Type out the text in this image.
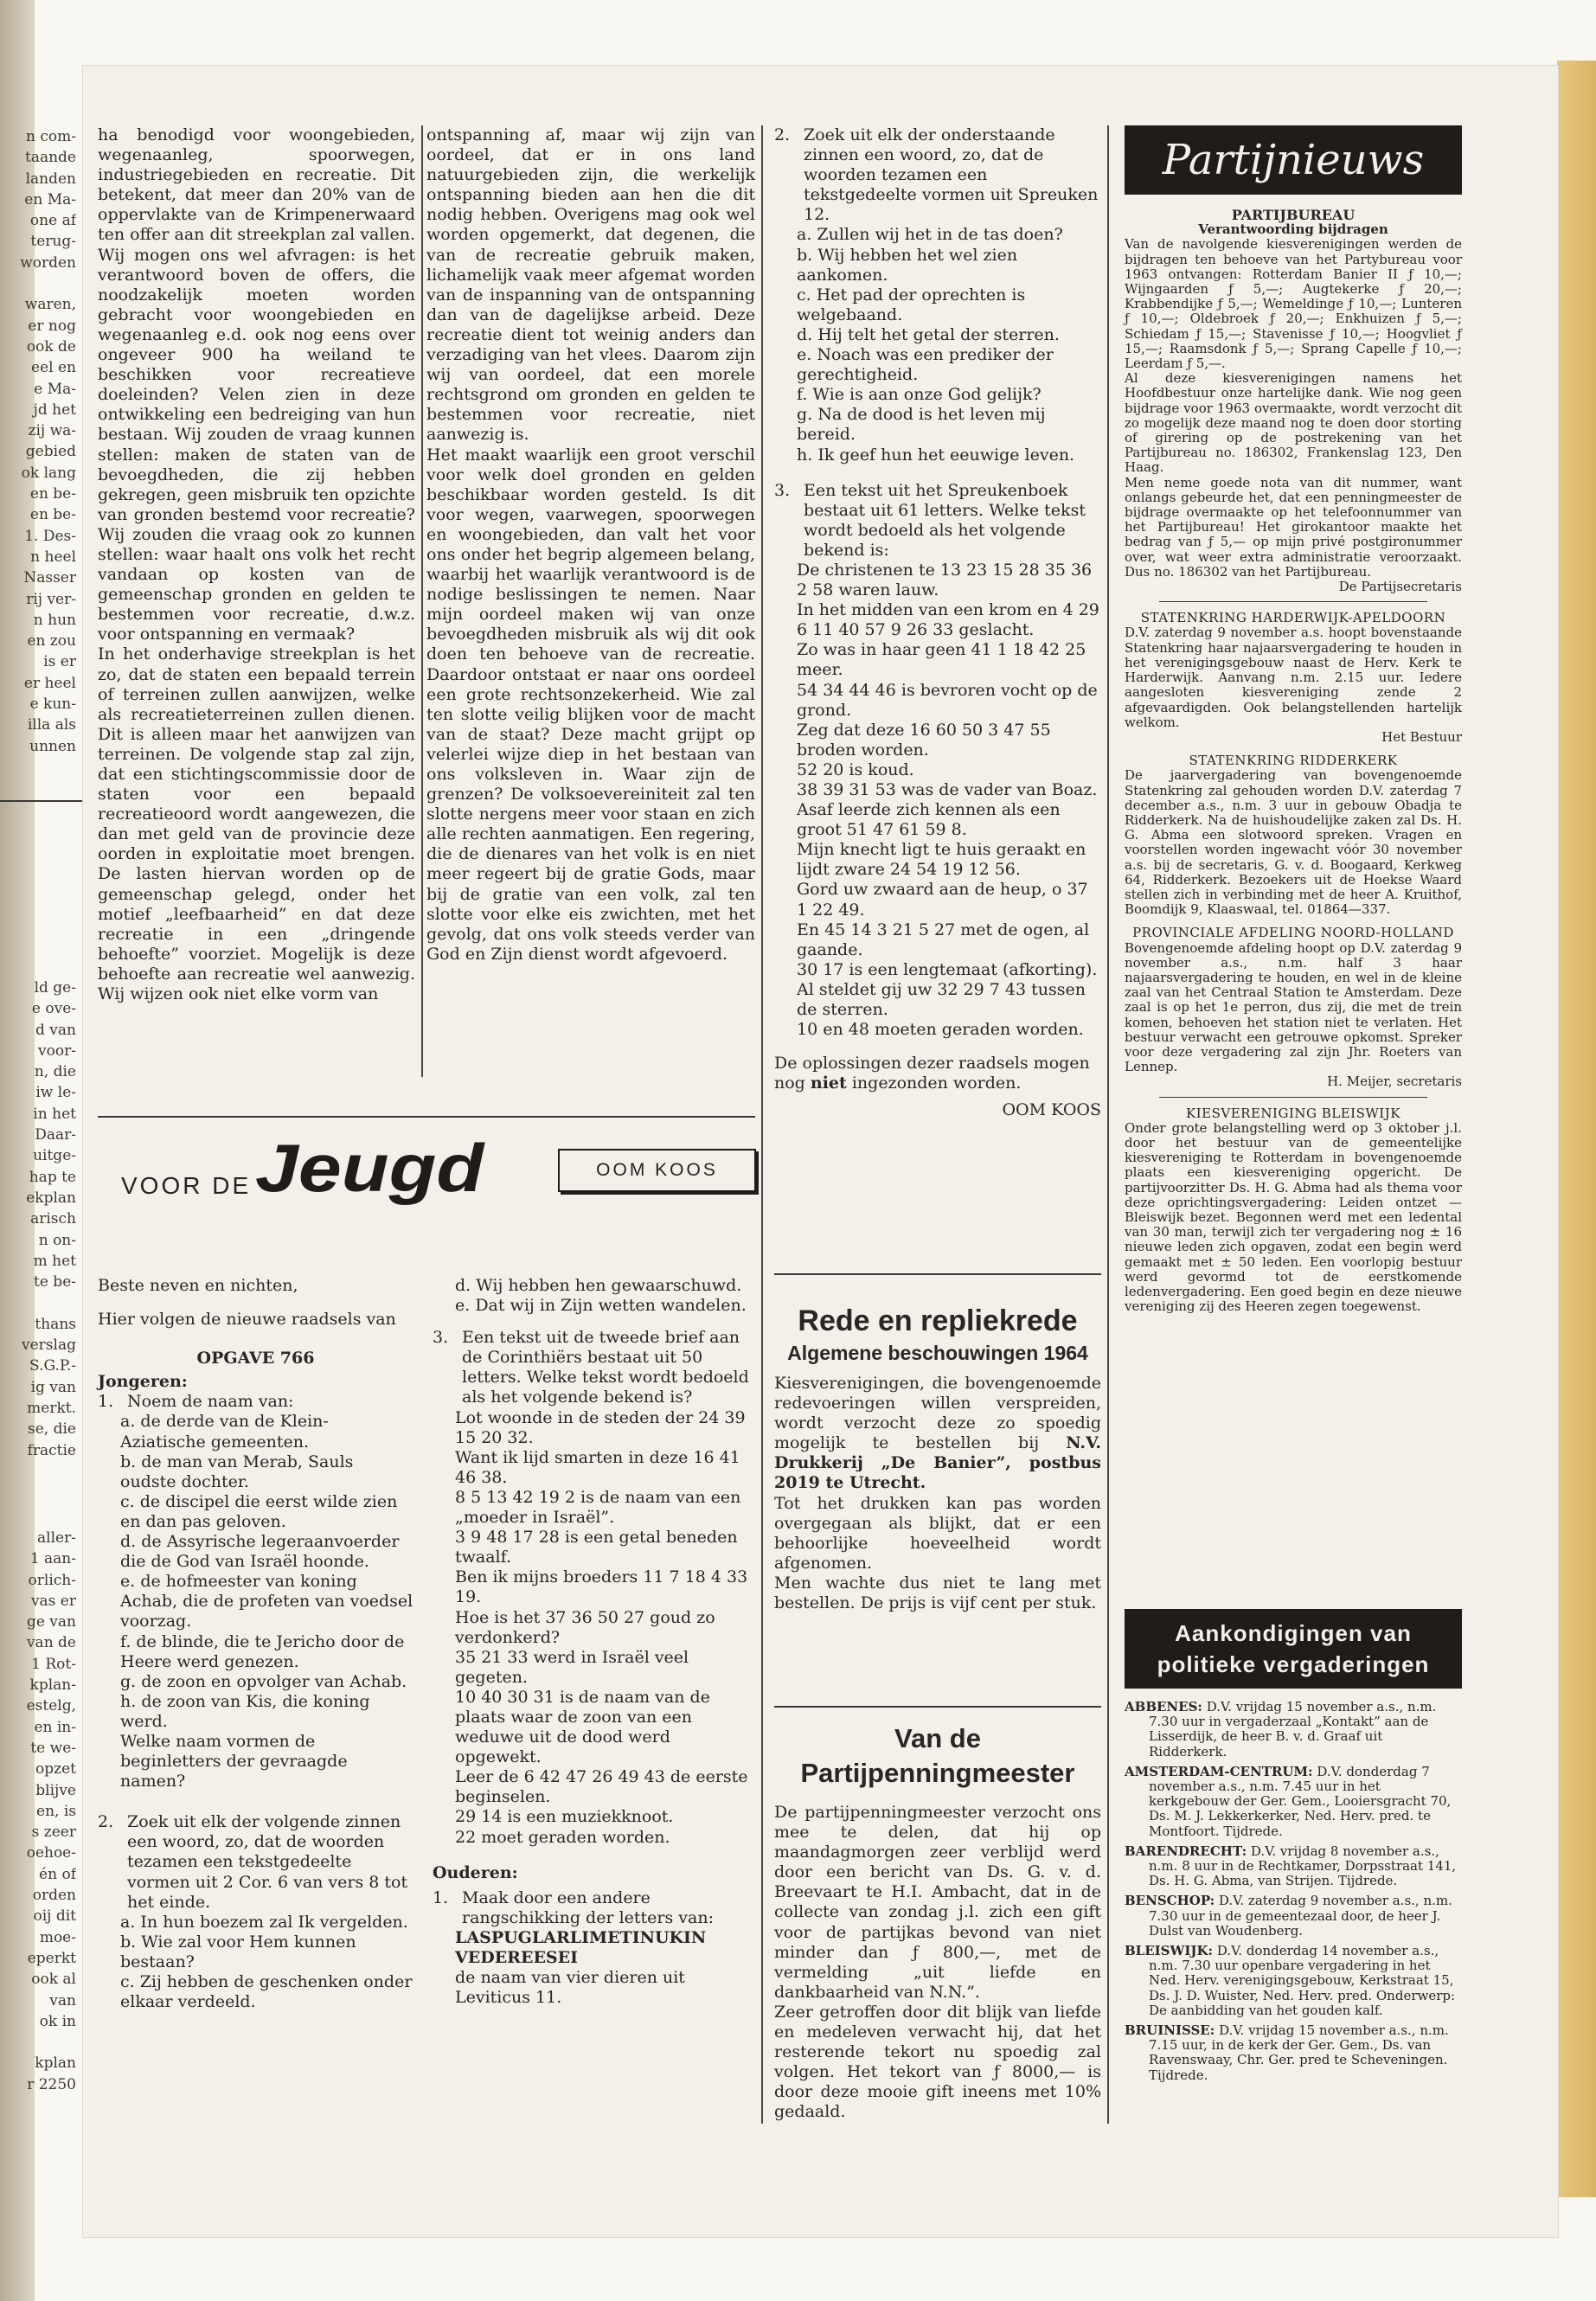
n com-
taande
landen
en Ma-
one af
terug-
worden
waren,
er nog
ook de
eel en
e Ma-
jd het
zij wa-
gebied
ok lang
en be-
en be-
1. Des-
n heel
Nasser
rij ver-
n hun
en zou
is er
er heel
e kun-
illa als
unnen
ld ge-
e ove-
d van
voor-
n, die
iw le-
in het
Daar-
uitge-
hap te
ekplan
arisch
n on-
m het
te be-
thans
verslag
S.G.P.-
ig van
merkt.
se, die
fractie
aller-
1 aan-
orlich-
vas er
ge van
van de
1 Rot-
kplan-
estelg,
en in-
te we-
opzet
blijve
en, is
s zeer
oehoe-
én of
orden
oij dit
moe-
eperkt
ook al
van
ok in
kplan
r 2250

ha benodigd voor woongebieden, wegenaanleg, spoorwegen, industriegebieden en recreatie. Dit betekent, dat meer dan 20% van de oppervlakte van de Krimpenerwaard ten offer aan dit streekplan zal vallen. Wij mogen ons wel afvragen: is het verantwoord boven de offers, die noodzakelijk moeten worden gebracht voor woongebieden en wegenaanleg e.d. ook nog eens over ongeveer 900 ha weiland te beschikken voor recreatieve doeleinden? Velen zien in deze ontwikkeling een bedreiging van hun bestaan. Wij zouden de vraag kunnen stellen: maken de staten van de bevoegdheden, die zij hebben gekregen, geen misbruik ten opzichte van gronden bestemd voor recreatie? Wij zouden die vraag ook zo kunnen stellen: waar haalt ons volk het recht vandaan op kosten van de gemeenschap gronden en gelden te bestemmen voor recreatie, d.w.z. voor ontspanning en vermaak?

In het onderhavige streekplan is het zo, dat de staten een bepaald terrein of terreinen zullen aanwijzen, welke als recreatieterreinen zullen dienen. Dit is alleen maar het aanwijzen van terreinen. De volgende stap zal zijn, dat een stichtingscommissie door de staten voor een bepaald recreatieoord wordt aangewezen, die dan met geld van de provincie deze oorden in exploitatie moet brengen. De lasten hiervan worden op de gemeenschap gelegd, onder het motief „leefbaarheid” en dat deze recreatie in een „dringende behoefte” voorziet. Mogelijk is deze behoefte aan recreatie wel aanwezig. Wij wijzen ook niet elke vorm van

ontspanning af, maar wij zijn van oordeel, dat er in ons land natuurgebieden zijn, die werkelijk ontspanning bieden aan hen die dit nodig hebben. Overigens mag ook wel worden opgemerkt, dat degenen, die van de recreatie gebruik maken, lichamelijk vaak meer afgemat worden van de inspanning van de ontspanning dan van de dagelijkse arbeid. Deze recreatie dient tot weinig anders dan verzadiging van het vlees. Daarom zijn wij van oordeel, dat een morele rechtsgrond om gronden en gelden te bestemmen voor recreatie, niet aanwezig is.

Het maakt waarlijk een groot verschil voor welk doel gronden en gelden beschikbaar worden gesteld. Is dit voor wegen, vaarwegen, spoorwegen en woongebieden, dan valt het voor ons onder het begrip algemeen belang, waarbij het waarlijk verantwoord is de nodige beslissingen te nemen. Naar mijn oordeel maken wij van onze bevoegdheden misbruik als wij dit ook doen ten behoeve van de recreatie. Daardoor ontstaat er naar ons oordeel een grote rechtsonzekerheid. Wie zal ten slotte veilig blijken voor de macht van de staat? Deze macht grijpt op velerlei wijze diep in het bestaan van ons volksleven in. Waar zijn de grenzen? De volksoevereiniteit zal ten slotte nergens meer voor staan en zich alle rechten aanmatigen. Een regering, die de dienares van het volk is en niet meer regeert bij de gratie Gods, maar bij de gratie van een volk, zal ten slotte voor elke eis zwichten, met het gevolg, dat ons volk steeds verder van God en Zijn dienst wordt afgevoerd.

VOOR DE Jeugd	OOM KOOS

Beste neven en nichten,

Hier volgen de nieuwe raadsels van

OPGAVE 766

Jongeren:

1. Noem de naam van:
a. de derde van de Klein-Aziatische gemeenten.
b. de man van Merab, Sauls oudste dochter.
c. de discipel die eerst wilde zien en dan pas geloven.
d. de Assyrische legeraanvoerder die de God van Israël hoonde.
e. de hofmeester van koning Achab, die de profeten van voedsel voorzag.
f. de blinde, die te Jericho door de Heere werd genezen.
g. de zoon en opvolger van Achab.
h. de zoon van Kis, die koning werd.
Welke naam vormen de beginletters der gevraagde namen?
2. Zoek uit elk der volgende zinnen een woord, zo, dat de woorden tezamen een tekstgedeelte vormen uit 2 Cor. 6 van vers 8 tot het einde.
a. In hun boezem zal Ik vergelden.
b. Wie zal voor Hem kunnen bestaan?
c. Zij hebben de geschenken onder elkaar verdeeld.
d. Wij hebben hen gewaarschuwd.
e. Dat wij in Zijn wetten wandelen.
3. Een tekst uit de tweede brief aan de Corinthiërs bestaat uit 50 letters. Welke tekst wordt bedoeld als het volgende bekend is?
Lot woonde in de steden der 24 39 15 20 32.
Want ik lijd smarten in deze 16 41 46 38.
8 5 13 42 19 2 is de naam van een „moeder in Israël”.
3 9 48 17 28 is een getal beneden twaalf.
Ben ik mijns broeders 11 7 18 4 33 19.
Hoe is het 37 36 50 27 goud zo verdonkerd?
35 21 33 werd in Israël veel gegeten.
10 40 30 31 is de naam van de plaats waar de zoon van een weduwe uit de dood werd opgewekt.
Leer de 6 42 47 26 49 43 de eerste beginselen.
29 14 is een muziekknoot.
22 moet geraden worden.

Ouderen:

1. Maak door een andere rangschikking der letters van:
LASPUGLARLIMETINUKIN
VEDEREESEI
de naam van vier dieren uit Leviticus 11.
2. Zoek uit elk der onderstaande zinnen een woord, zo, dat de woorden tezamen een tekstgedeelte vormen uit Spreuken 12.
a. Zullen wij het in de tas doen?
b. Wij hebben het wel zien aankomen.
c. Het pad der oprechten is welgebaand.
d. Hij telt het getal der sterren.
e. Noach was een prediker der gerechtigheid.
f. Wie is aan onze God gelijk?
g. Na de dood is het leven mij bereid.
h. Ik geef hun het eeuwige leven.
3. Een tekst uit het Spreukenboek bestaat uit 61 letters. Welke tekst wordt bedoeld als het volgende bekend is:
De christenen te 13 23 15 28 35 36 2 58 waren lauw.
In het midden van een krom en 4 29 6 11 40 57 9 26 33 geslacht.
Zo was in haar geen 41 1 18 42 25 meer.
54 34 44 46 is bevroren vocht op de grond.
Zeg dat deze 16 60 50 3 47 55 broden worden.
52 20 is koud.
38 39 31 53 was de vader van Boaz.
Asaf leerde zich kennen als een groot 51 47 61 59 8.
Mijn knecht ligt te huis geraakt en lijdt zware 24 54 19 12 56.
Gord uw zwaard aan de heup, o 37 1 22 49.
En 45 14 3 21 5 27 met de ogen, al gaande.
30 17 is een lengtemaat (afkorting).
Al steldet gij uw 32 29 7 43 tussen de sterren.
10 en 48 moeten geraden worden.

De oplossingen dezer raadsels mogen nog niet ingezonden worden.

OOM KOOS

Rede en repliekrede

Algemene beschouwingen 1964

Kiesverenigingen, die bovengenoemde redevoeringen willen verspreiden, wordt verzocht deze zo spoedig mogelijk te bestellen bij N.V. Drukkerij „De Banier”, postbus 2019 te Utrecht.

Tot het drukken kan pas worden overgegaan als blijkt, dat er een behoorlijke hoeveelheid wordt afgenomen.

Men wachte dus niet te lang met bestellen. De prijs is vijf cent per stuk.

Van de Partijpenningmeester

De partijpenningmeester verzocht ons mee te delen, dat hij op maandagmorgen zeer verblijd werd door een bericht van Ds. G. v. d. Breevaart te H.I. Ambacht, dat in de collecte van zondag j.l. zich een gift voor de partijkas bevond van niet minder dan ƒ 800,—, met de vermelding „uit liefde en dankbaarheid van N.N.”.

Zeer getroffen door dit blijk van liefde en medeleven verwacht hij, dat het resterende tekort nu spoedig zal volgen. Het tekort van ƒ 8000,— is door deze mooie gift ineens met 10% gedaald.

Partijnieuws

PARTIJBUREAU

Verantwoording bijdragen

Van de navolgende kiesverenigingen werden de bijdragen ten behoeve van het Partybureau voor 1963 ontvangen: Rotterdam Banier II ƒ 10,—; Wijngaarden ƒ 5,—; Augtekerke ƒ 20,—; Krabbendijke ƒ 5,—; Wemeldinge ƒ 10,—; Lunteren ƒ 10,—; Oldebroek ƒ 20,—; Enkhuizen ƒ 5,—; Schiedam ƒ 15,—; Stavenisse ƒ 10,—; Hoogvliet ƒ 15,—; Raamsdonk ƒ 5,—; Sprang Capelle ƒ 10,—; Leerdam ƒ 5,—.

Al deze kiesverenigingen namens het Hoofdbestuur onze hartelijke dank. Wie nog geen bijdrage voor 1963 overmaakte, wordt verzocht dit zo mogelijk deze maand nog te doen door storting of girering op de postrekening van het Partijbureau no. 186302, Frankenslag 123, Den Haag.

Men neme goede nota van dit nummer, want onlangs gebeurde het, dat een penningmeester de bijdrage overmaakte op het telefoonnummer van het Partijbureau! Het girokantoor maakte het bedrag van ƒ 5,— op mijn privé postgironummer over, wat weer extra administratie veroorzaakt. Dus no. 186302 van het Partijbureau.

De Partijsecretaris

STATENKRING HARDERWIJK-APELDOORN

D.V. zaterdag 9 november a.s. hoopt bovenstaande Statenkring haar najaarsvergadering te houden in het verenigingsgebouw naast de Herv. Kerk te Harderwijk. Aanvang n.m. 2.15 uur. Iedere aangesloten kiesvereniging zende 2 afgevaardigden. Ook belangstellenden hartelijk welkom.

Het Bestuur

STATENKRING RIDDERKERK

De jaarvergadering van bovengenoemde Statenkring zal gehouden worden D.V. zaterdag 7 december a.s., n.m. 3 uur in gebouw Obadja te Ridderkerk. Na de huishoudelijke zaken zal Ds. H. G. Abma een slotwoord spreken. Vragen en voorstellen worden ingewacht vóór 30 november a.s. bij de secretaris, G. v. d. Boogaard, Kerkweg 64, Ridderkerk. Bezoekers uit de Hoekse Waard stellen zich in verbinding met de heer A. Kruithof, Boomdijk 9, Klaaswaal, tel. 01864—337.

PROVINCIALE AFDELING NOORD-HOLLAND

Bovengenoemde afdeling hoopt op D.V. zaterdag 9 november a.s., n.m. half 3 haar najaarsvergadering te houden, en wel in de kleine zaal van het Centraal Station te Amsterdam. Deze zaal is op het 1e perron, dus zij, die met de trein komen, behoeven het station niet te verlaten. Het bestuur verwacht een getrouwe opkomst. Spreker voor deze vergadering zal zijn Jhr. Roeters van Lennep.

H. Meijer, secretaris

KIESVERENIGING BLEISWIJK

Onder grote belangstelling werd op 3 oktober j.l. door het bestuur van de gemeentelijke kiesvereniging te Rotterdam in bovengenoemde plaats een kiesvereniging opgericht. De partijvoorzitter Ds. H. G. Abma had als thema voor deze oprichtingsvergadering: Leiden ontzet — Bleiswijk bezet. Begonnen werd met een ledental van 30 man, terwijl zich ter vergadering nog ± 16 nieuwe leden zich opgaven, zodat een begin werd gemaakt met ± 50 leden. Een voorlopig bestuur werd gevormd tot de eerstkomende ledenvergadering. Een goed begin en deze nieuwe vereniging zij des Heeren zegen toegewenst.

Aankondigingen van
politieke vergaderingen

ABBENES: D.V. vrijdag 15 november a.s., n.m. 7.30 uur in vergaderzaal „Kontakt” aan de Lisserdijk, de heer B. v. d. Graaf uit Ridderkerk.

AMSTERDAM-CENTRUM: D.V. donderdag 7 november a.s., n.m. 7.45 uur in het kerkgebouw der Ger. Gem., Looiersgracht 70, Ds. M. J. Lekkerkerker, Ned. Herv. pred. te Montfoort. Tijdrede.

BARENDRECHT: D.V. vrijdag 8 november a.s., n.m. 8 uur in de Rechtkamer, Dorpsstraat 141, Ds. H. G. Abma, van Strijen. Tijdrede.

BENSCHOP: D.V. zaterdag 9 november a.s., n.m. 7.30 uur in de gemeentezaal door, de heer J. Dulst van Woudenberg.

BLEISWIJK: D.V. donderdag 14 november a.s., n.m. 7.30 uur openbare vergadering in het Ned. Herv. verenigingsgebouw, Kerkstraat 15, Ds. J. D. Wuister, Ned. Herv. pred. Onderwerp: De aanbidding van het gouden kalf.

BRUINISSE: D.V. vrijdag 15 november a.s., n.m. 7.15 uur, in de kerk der Ger. Gem., Ds. van Ravenswaay, Chr. Ger. pred te Scheveningen. Tijdrede.
